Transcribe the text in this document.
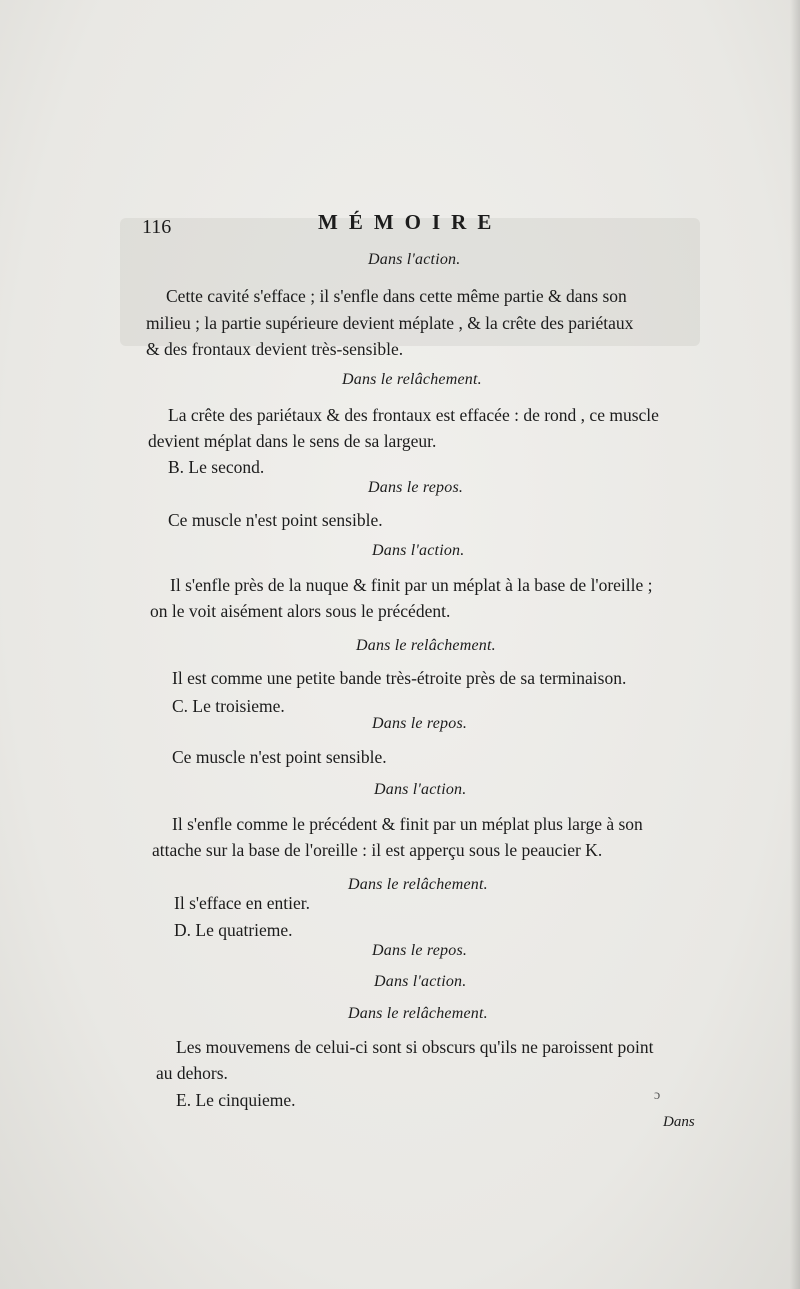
116	MÉMOIRE
Dans l'action.
Cette cavité s'efface ; il s'enfle dans cette même partie & dans son
milieu ; la partie supérieure devient méplate , & la crête des pariétaux
& des frontaux devient très-sensible.
Dans le relâchement.
La crête des pariétaux & des frontaux est effacée : de rond , ce muscle
devient méplat dans le sens de sa largeur.
B. Le second.
Dans le repos.
Ce muscle n'est point sensible.
Dans l'action.
Il s'enfle près de la nuque & finit par un méplat à la base de l'oreille ;
on le voit aisément alors sous le précédent.
Dans le relâchement.
Il est comme une petite bande très-étroite près de sa terminaison.
C. Le troisieme.
Dans le repos.
Ce muscle n'est point sensible.
Dans l'action.
Il s'enfle comme le précédent & finit par un méplat plus large à son
attache sur la base de l'oreille : il est apperçu sous le peaucier K.
Dans le relâchement.
Il s'efface en entier.
D. Le quatrieme.
Dans le repos.
Dans l'action.
Dans le relâchement.
Les mouvemens de celui-ci sont si obscurs qu'ils ne paroissent point
au dehors.
E. Le cinquieme.	ɔ
Dans
